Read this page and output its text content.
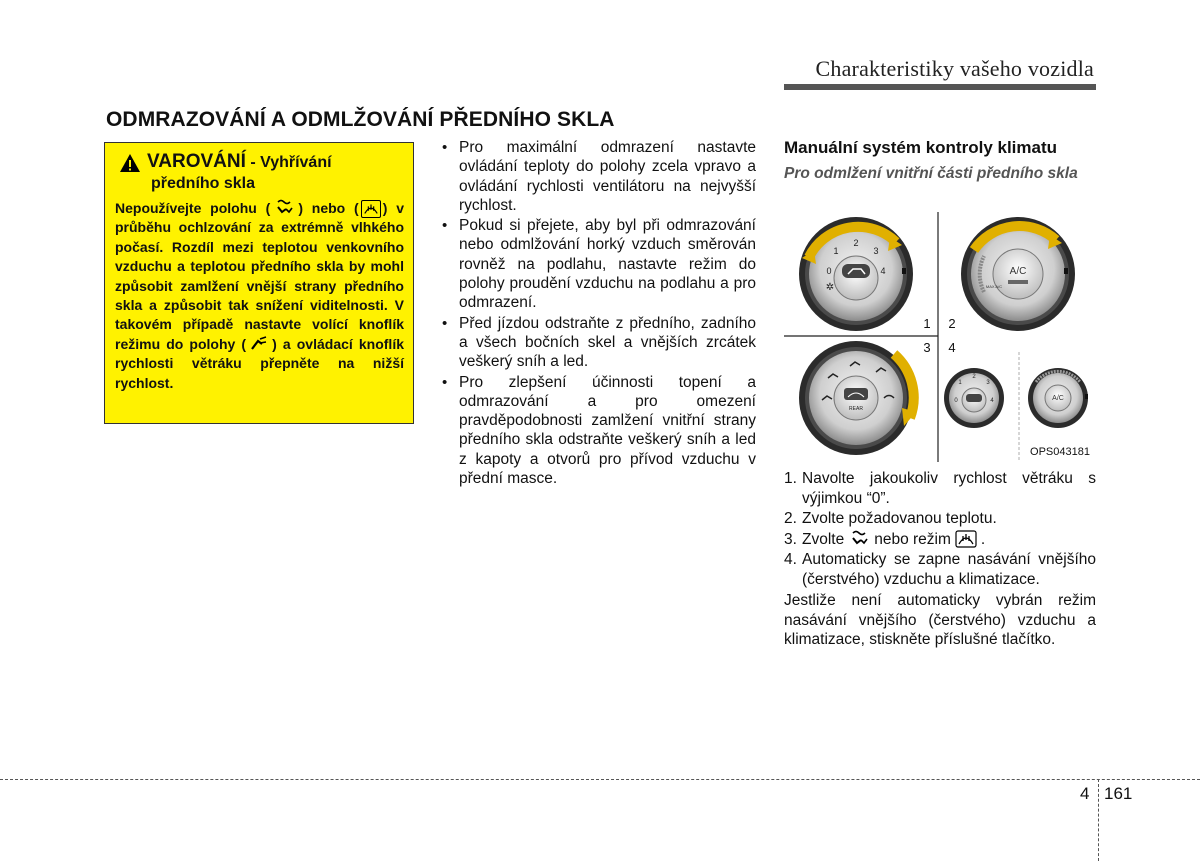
Charakteristiky vašeho vozidla
ODMRAZOVÁNÍ A ODMLŽOVÁNÍ PŘEDNÍHO SKLA
VAROVÁNÍ - Vyhřívání
předního skla
Nepoužívejte polohu ( ) nebo ( ) v průběhu ochlzování za extrémně vlhkého počasí. Rozdíl mezi teplotou venkovního vzduchu a teplotou předního skla by mohl způsobit zamlžení vnější strany předního skla a způsobit tak snížení viditelnosti. V takovém případě nastavte volící knoflík režimu do polohy ( ) a ovládací knoflík rychlosti větráku přepněte na nižší rychlost.
• Pro maximální odmrazení nastavte ovládání teploty do polohy zcela vpravo a ovládání rychlosti ventilátoru na nejvyšší rychlost.
• Pokud si přejete, aby byl při odmrazování nebo odmlžování horký vzduch směrován rovněž na podlahu, nastavte režim do polohy proudění vzduchu na podlahu a pro odmrazení.
• Před jízdou odstraňte z předního, zadního a všech bočních skel a vnějších zrcátek veškerý sníh a led.
• Pro zlepšení účinnosti topení a odmrazování a pro omezení pravděpodobnosti zamlžení vnitřní strany předního skla odstraňte veškerý sníh a led z kapoty a otvorů pro přívod vzduchu v přední masce.
Manuální systém kontroly klimatu
Pro odmlžení vnitřní části předního skla
0
1
2
3
4
✲
1
A/C
MAX A/C
2
3 4
REAR
0
1
2
3
4	A/C
OPS043181
1. Navolte jakoukoliv rychlost větráku s výjimkou “0”.
2. Zvolte požadovanou teplotu.
3. Zvolte nebo režim .
4. Automaticky se zapne nasávání vnějšího (čerstvého) vzduchu a klimatizace.

Jestliže není automaticky vybrán režim nasávání vnějšího (čerstvého) vzduchu a klimatizace, stiskněte příslušné tlačítko.

4 161
